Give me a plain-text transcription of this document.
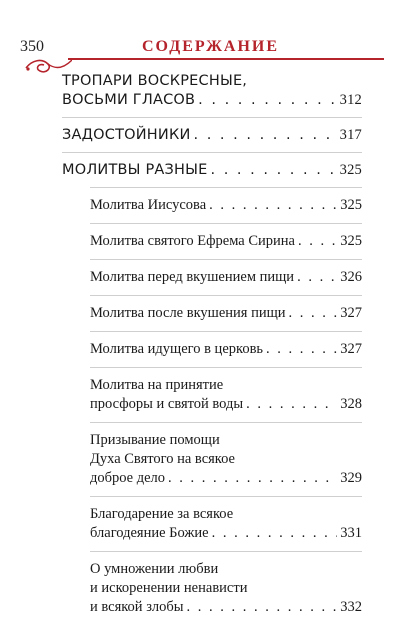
350	СОДЕРЖАНИЕ
ТРОПАРИ ВОСКРЕСНЫЕ,
ВОСЬМИ ГЛАСОВ . . .	312
ЗАДОСТОЙНИКИ . . .	317
МОЛИТВЫ РАЗНЫЕ . . .	325
Молитва Иисусова . . .	325
Молитва святого Ефрема Сирина . . .	325
Молитва перед вкушением пищи . . .	326
Молитва после вкушения пищи . . .	327
Молитва идущего в церковь . . .	327
Молитва на принятие
просфоры и святой воды . . .	328
Призывание помощи
Духа Святого на всякое
доброе дело . . .	329
Благодарение за всякое
благодеяние Божие . . .	331
О умножении любви
и искоренении ненависти
и всякой злобы . . .	332
